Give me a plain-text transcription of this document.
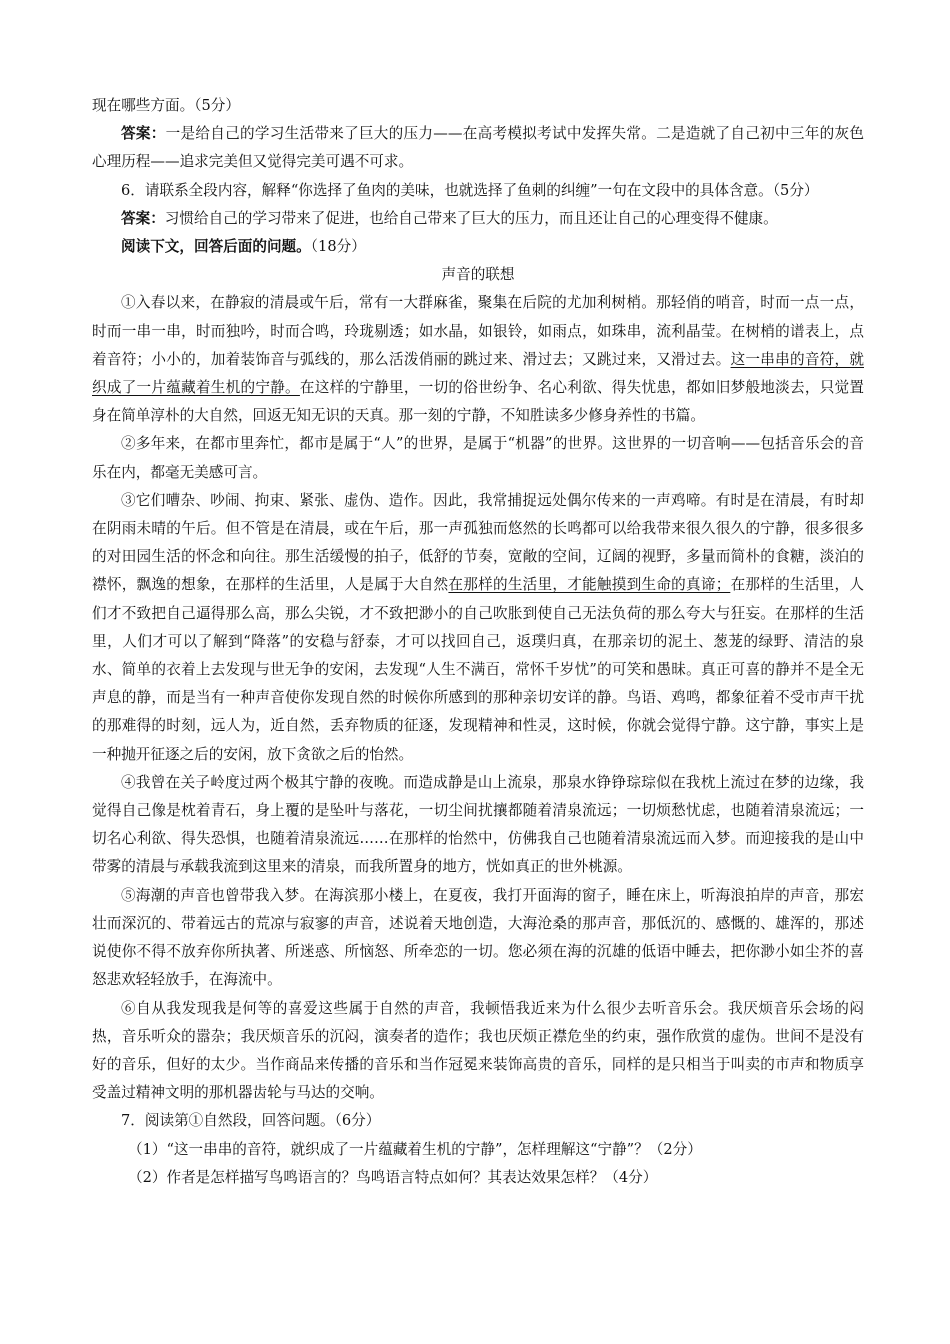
现在哪些方面。（5分）

答案：一是给自己的学习生活带来了巨大的压力——在高考模拟考试中发挥失常。二是造就了自己初中三年的灰色心理历程——追求完美但又觉得完美可遇不可求。

6．请联系全段内容，解释“你选择了鱼肉的美味，也就选择了鱼刺的纠缠”一句在文段中的具体含意。（5分）

答案：习惯给自己的学习带来了促进，也给自己带来了巨大的压力，而且还让自己的心理变得不健康。

阅读下文，回答后面的问题。（18分）

声音的联想

①入春以来，在静寂的清晨或午后，常有一大群麻雀，聚集在后院的尤加利树梢。那轻俏的哨音，时而一点一点，时而一串一串，时而独吟，时而合鸣，玲珑剔透；如水晶，如银铃，如雨点，如珠串，流利晶莹。在树梢的谱表上，点着音符；小小的，加着装饰音与弧线的，那么活泼俏丽的跳过来、滑过去；又跳过来，又滑过去。这一串串的音符，就织成了一片蕴藏着生机的宁静。在这样的宁静里，一切的俗世纷争、名心利欲、得失忧患，都如旧梦般地淡去，只觉置身在简单淳朴的大自然，回返无知无识的天真。那一刻的宁静，不知胜读多少修身养性的书篇。

②多年来，在都市里奔忙，都市是属于“人”的世界，是属于“机器”的世界。这世界的一切音响——包括音乐会的音乐在内，都毫无美感可言。

③它们嘈杂、吵闹、拘束、紧张、虚伪、造作。因此，我常捕捉远处偶尔传来的一声鸡啼。有时是在清晨，有时却在阴雨未晴的午后。但不管是在清晨，或在午后，那一声孤独而悠然的长鸣都可以给我带来很久很久的宁静，很多很多的对田园生活的怀念和向往。那生活缓慢的拍子，低舒的节奏，宽敞的空间，辽阔的视野，多量而简朴的食糖，淡泊的襟怀，飘逸的想象，在那样的生活里，人是属于大自然在那样的生活里，才能触摸到生命的真谛；在那样的生活里，人们才不致把自己逼得那么高，那么尖锐，才不致把渺小的自己吹胀到使自己无法负荷的那么夸大与狂妄。在那样的生活里，人们才可以了解到“降落”的安稳与舒泰，才可以找回自己，返璞归真，在那亲切的泥土、葱茏的绿野、清洁的泉水、简单的衣着上去发现与世无争的安闲，去发现“人生不满百，常怀千岁忧”的可笑和愚昧。真正可喜的静并不是全无声息的静，而是当有一种声音使你发现自然的时候你所感到的那种亲切安详的静。鸟语、鸡鸣，都象征着不受市声干扰的那难得的时刻，远人为，近自然，丢弃物质的征逐，发现精神和性灵，这时候，你就会觉得宁静。这宁静，事实上是一种抛开征逐之后的安闲，放下贪欲之后的怡然。

④我曾在关子岭度过两个极其宁静的夜晚。而造成静是山上流泉，那泉水铮铮琮琮似在我枕上流过在梦的边缘，我觉得自己像是枕着青石，身上覆的是坠叶与落花，一切尘间扰攘都随着清泉流远；一切烦愁忧虑，也随着清泉流远；一切名心利欲、得失恐惧，也随着清泉流远……在那样的怡然中，仿佛我自己也随着清泉流远而入梦。而迎接我的是山中带雾的清晨与承载我流到这里来的清泉，而我所置身的地方，恍如真正的世外桃源。

⑤海潮的声音也曾带我入梦。在海滨那小楼上，在夏夜，我打开面海的窗子，睡在床上，听海浪拍岸的声音，那宏壮而深沉的、带着远古的荒凉与寂寥的声音，述说着天地创造，大海沧桑的那声音，那低沉的、感慨的、雄浑的，那述说使你不得不放弃你所执著、所迷惑、所恼怒、所牵恋的一切。您必须在海的沉雄的低语中睡去，把你渺小如尘芥的喜怒悲欢轻轻放手，在海流中。

⑥自从我发现我是何等的喜爱这些属于自然的声音，我顿悟我近来为什么很少去听音乐会。我厌烦音乐会场的闷热，音乐听众的嚣杂；我厌烦音乐的沉闷，演奏者的造作；我也厌烦正襟危坐的约束，强作欣赏的虚伪。世间不是没有好的音乐，但好的太少。当作商品来传播的音乐和当作冠冕来装饰高贵的音乐，同样的是只相当于叫卖的市声和物质享受盖过精神文明的那机器齿轮与马达的交响。

7．阅读第①自然段，回答问题。（6分）

（1）“这一串串的音符，就织成了一片蕴藏着生机的宁静”，怎样理解这“宁静”？（2分）

（2）作者是怎样描写鸟鸣语言的？鸟鸣语言特点如何？其表达效果怎样？（4分）
